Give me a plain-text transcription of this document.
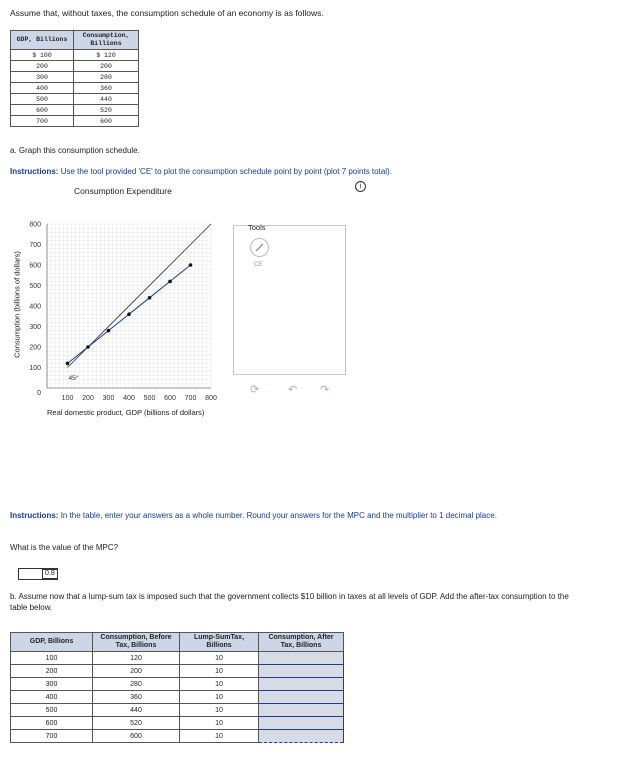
Assume that, without taxes, the consumption schedule of an economy is as follows.
GDP, Billions	Consumption, Billions
$ 100	$ 120
200	200
300	280
400	360
500	440
600	520
700	600
a. Graph this consumption schedule.
Instructions: Use the tool provided 'CE' to plot the consumption schedule point by point (plot 7 points total).
Consumption Expenditure	i
Consumption (billions of dollars)
Real domestic product, GDP (billions of dollars)
100 200 300 400 500 600 700 800
100
200
300
400
500
600
700
800
0
45°
Tools
CE
⟳	↶ ↷
Instructions: In the table, enter your answers as a whole number. Round your answers for the MPC and the multiplier to 1 decimal place.
What is the value of the MPC?
0.8
b. Assume now that a lump-sum tax is imposed such that the government collects $10 billion in taxes at all levels of GDP. Add the after-tax consumption to the table below.
GDP, Billions	Consumption, Before Tax, Billions	Lump-SumTax, Billions	Consumption, After Tax, Billions
100	120	10	
200	200	10	
300	280	10	
400	360	10	
500	440	10	
600	520	10	
700	600	10	
